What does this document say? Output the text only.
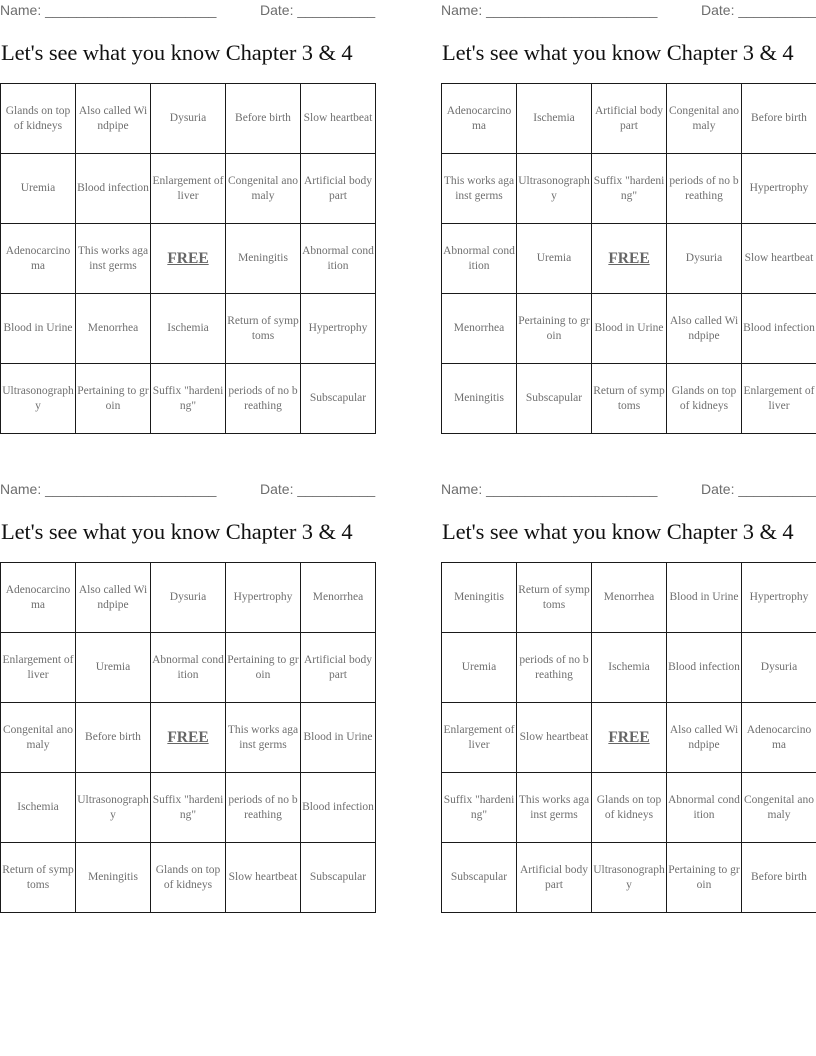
Name: ______________________	Date: __________
Let's see what you know Chapter 3 & 4
Glands on top of kidneys	Also called Windpipe	Dysuria	Before birth	Slow heartbeat
Uremia	Blood infection	Enlargement of liver	Congenital anomaly	Artificial body part
Adenocarcinoma	This works against germs	FREE	Meningitis	Abnormal condition
Blood in Urine	Menorrhea	Ischemia	Return of symptoms	Hypertrophy
Ultrasonography	Pertaining to groin	Suffix "hardening"	periods of no breathing	Subscapular
Name: ______________________	Date: __________
Let's see what you know Chapter 3 & 4
Adenocarcinoma	Ischemia	Artificial body part	Congenital anomaly	Before birth
This works against germs	Ultrasonography	Suffix "hardening"	periods of no breathing	Hypertrophy
Abnormal condition	Uremia	FREE	Dysuria	Slow heartbeat
Menorrhea	Pertaining to groin	Blood in Urine	Also called Windpipe	Blood infection
Meningitis	Subscapular	Return of symptoms	Glands on top of kidneys	Enlargement of liver
Name: ______________________	Date: __________
Let's see what you know Chapter 3 & 4
Adenocarcinoma	Also called Windpipe	Dysuria	Hypertrophy	Menorrhea
Enlargement of liver	Uremia	Abnormal condition	Pertaining to groin	Artificial body part
Congenital anomaly	Before birth	FREE	This works against germs	Blood in Urine
Ischemia	Ultrasonography	Suffix "hardening"	periods of no breathing	Blood infection
Return of symptoms	Meningitis	Glands on top of kidneys	Slow heartbeat	Subscapular
Name: ______________________	Date: __________
Let's see what you know Chapter 3 & 4
Meningitis	Return of symptoms	Menorrhea	Blood in Urine	Hypertrophy
Uremia	periods of no breathing	Ischemia	Blood infection	Dysuria
Enlargement of liver	Slow heartbeat	FREE	Also called Windpipe	Adenocarcinoma
Suffix "hardening"	This works against germs	Glands on top of kidneys	Abnormal condition	Congenital anomaly
Subscapular	Artificial body part	Ultrasonography	Pertaining to groin	Before birth
